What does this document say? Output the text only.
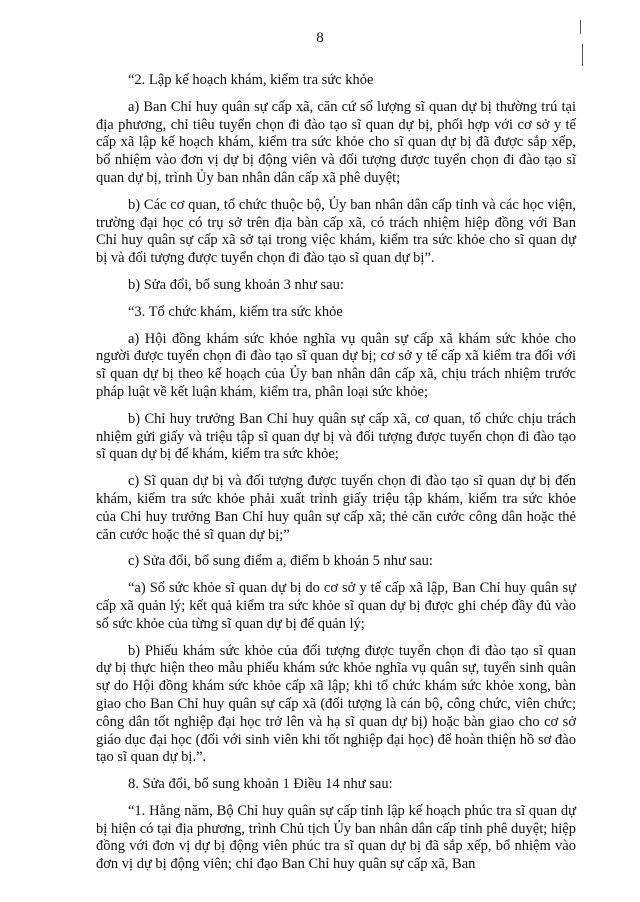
8

“2. Lập kế hoạch khám, kiểm tra sức khỏe

a) Ban Chỉ huy quân sự cấp xã, căn cứ số lượng sĩ quan dự bị thường trú tại địa phương, chỉ tiêu tuyển chọn đi đào tạo sĩ quan dự bị, phối hợp với cơ sở y tế cấp xã lập kế hoạch khám, kiểm tra sức khỏe cho sĩ quan dự bị đã được sắp xếp, bổ nhiệm vào đơn vị dự bị động viên và đối tượng được tuyển chọn đi đào tạo sĩ quan dự bị, trình Ủy ban nhân dân cấp xã phê duyệt;

b) Các cơ quan, tổ chức thuộc bộ, Ủy ban nhân dân cấp tỉnh và các học viện, trường đại học có trụ sở trên địa bàn cấp xã, có trách nhiệm hiệp đồng với Ban Chỉ huy quân sự cấp xã sở tại trong việc khám, kiểm tra sức khỏe cho sĩ quan dự bị và đối tượng được tuyển chọn đi đào tạo sĩ quan dự bị”.

b) Sửa đổi, bổ sung khoản 3 như sau:

“3. Tổ chức khám, kiểm tra sức khỏe

a) Hội đồng khám sức khỏe nghĩa vụ quân sự cấp xã khám sức khỏe cho người được tuyển chọn đi đào tạo sĩ quan dự bị; cơ sở y tế cấp xã kiểm tra đối với sĩ quan dự bị theo kế hoạch của Ủy ban nhân dân cấp xã, chịu trách nhiệm trước pháp luật về kết luận khám, kiểm tra, phân loại sức khỏe;

b) Chỉ huy trưởng Ban Chỉ huy quân sự cấp xã, cơ quan, tổ chức chịu trách nhiệm gửi giấy và triệu tập sĩ quan dự bị và đối tượng được tuyển chọn đi đào tạo sĩ quan dự bị để khám, kiểm tra sức khỏe;

c) Sĩ quan dự bị và đối tượng được tuyển chọn đi đào tạo sĩ quan dự bị đến khám, kiểm tra sức khỏe phải xuất trình giấy triệu tập khám, kiểm tra sức khỏe của Chỉ huy trưởng Ban Chỉ huy quân sự cấp xã; thẻ căn cước công dân hoặc thẻ căn cước hoặc thẻ sĩ quan dự bị;”

c) Sửa đổi, bổ sung điểm a, điểm b khoản 5 như sau:

“a) Sổ sức khỏe sĩ quan dự bị do cơ sở y tế cấp xã lập, Ban Chỉ huy quân sự cấp xã quản lý; kết quả kiểm tra sức khỏe sĩ quan dự bị được ghi chép đầy đủ vào sổ sức khỏe của từng sĩ quan dự bị để quản lý;

b) Phiếu khám sức khỏe của đối tượng được tuyển chọn đi đào tạo sĩ quan dự bị thực hiện theo mẫu phiếu khám sức khỏe nghĩa vụ quân sự, tuyển sinh quân sự do Hội đồng khám sức khỏe cấp xã lập; khi tổ chức khám sức khỏe xong, bàn giao cho Ban Chỉ huy quân sự cấp xã (đối tượng là cán bộ, công chức, viên chức; công dân tốt nghiệp đại học trở lên và hạ sĩ quan dự bị) hoặc bàn giao cho cơ sở giáo dục đại học (đối với sinh viên khi tốt nghiệp đại học) để hoàn thiện hồ sơ đào tạo sĩ quan dự bị.”.

8. Sửa đổi, bổ sung khoản 1 Điều 14 như sau:

“1. Hằng năm, Bộ Chỉ huy quân sự cấp tỉnh lập kế hoạch phúc tra sĩ quan dự bị hiện có tại địa phương, trình Chủ tịch Ủy ban nhân dân cấp tỉnh phê duyệt; hiệp đồng với đơn vị dự bị động viên phúc tra sĩ quan dự bị đã sắp xếp, bổ nhiệm vào đơn vị dự bị động viên; chỉ đạo Ban Chỉ huy quân sự cấp xã, Ban
